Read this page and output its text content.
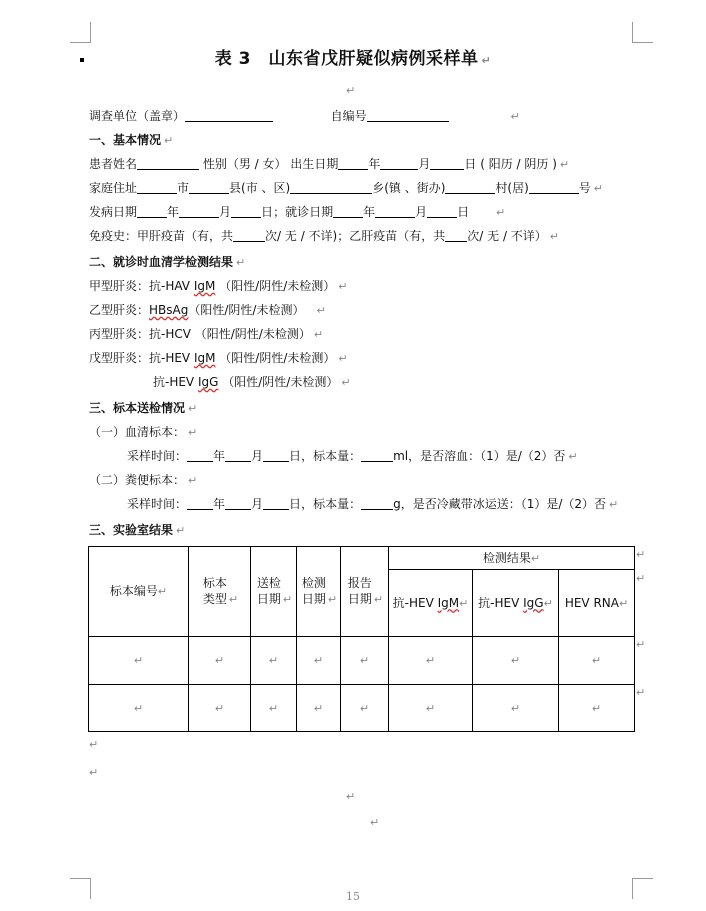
表 3　山东省戊肝疑似病例采样单 ↵
↵
调查单位（盖章）	自编号	↵
一、基本情况 ↵
患者姓名	性别（男 / 女） 出生日期	年	月	日 ( 阳历 / 阴历 ) ↵
家庭住址	市	县(市 、区)	乡(镇 、街办)	村(居)	号 ↵
发病日期	年	月	日；就诊日期	年	月	日 ↵
免疫史：甲肝疫苗（有，共	次/ 无 / 不详)；乙肝疫苗（有，共 次/ 无 / 不详） ↵
二、就诊时血清学检测结果 ↵
甲型肝炎：抗-HAV IgM （阳性/阴性/未检测） ↵
乙型肝炎：HBsAg（阳性/阴性/未检测） ↵
丙型肝炎：抗-HCV （阳性/阴性/未检测） ↵
戊型肝炎：抗-HEV IgM （阳性/阴性/未检测） ↵
抗-HEV IgG （阳性/阴性/未检测） ↵
三、标本送检情况 ↵
（一）血清标本： ↵
采样时间： 年 月 日，标本量：	ml，是否溶血：（1）是/（2）否 ↵
（二）粪便标本： ↵
采样时间： 年 月 日，标本量：	g，是否冷藏带冰运送：（1）是/（2）否 ↵
三、实验室结果 ↵
标本编号↵	标本类型 ↵	送检日期 ↵	检测日期 ↵	报告日期 ↵	检测结果↵		
					抗-HEV IgM↵	抗-HEV IgG↵	HEV RNA↵
↵	↵	↵	↵	↵	↵	↵	↵
↵	↵	↵	↵	↵	↵	↵	↵
↵
↵
↵
↵
↵
↵
↵
↵
15
